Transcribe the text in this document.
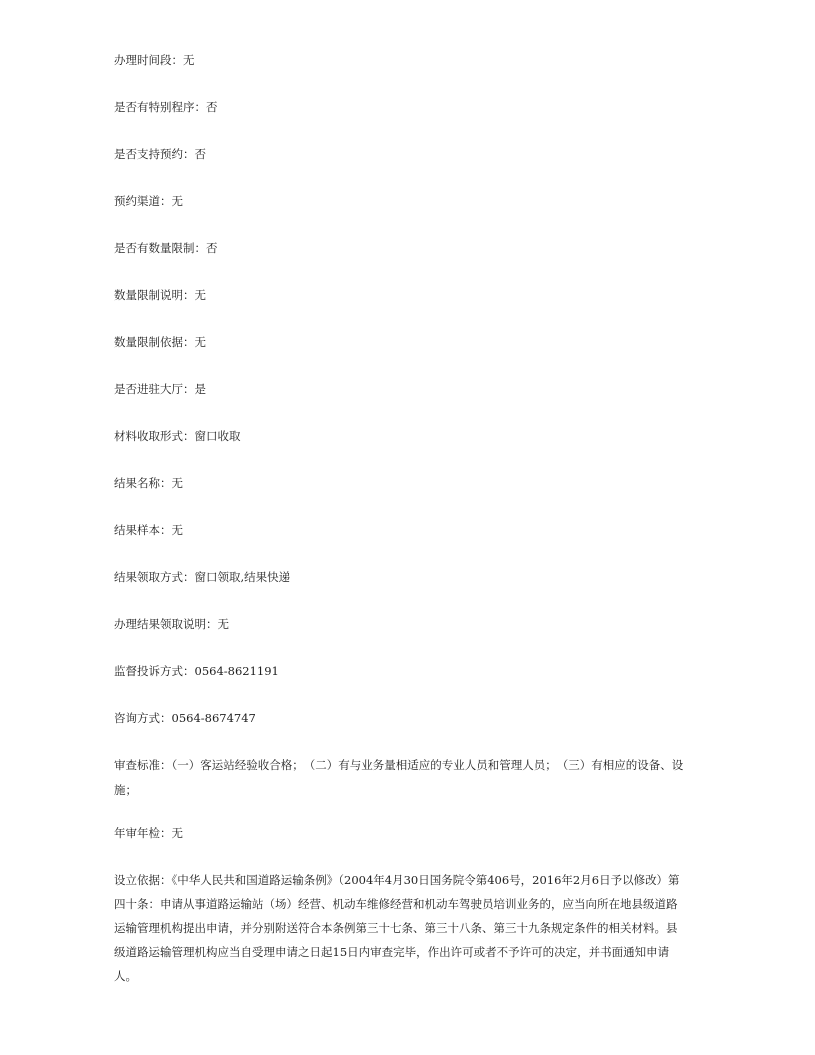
办理时间段：无
是否有特别程序：否
是否支持预约：否
预约渠道：无
是否有数量限制：否
数量限制说明：无
数量限制依据：无
是否进驻大厅：是
材料收取形式：窗口收取
结果名称：无
结果样本：无
结果领取方式：窗口领取,结果快递
办理结果领取说明：无
监督投诉方式：0564-8621191
咨询方式：0564-8674747
审查标准：（一）客运站经验收合格；　（二）有与业务量相适应的专业人员和管理人员；　（三）有相应的设备、设施；
年审年检：无
设立依据：《中华人民共和国道路运输条例》（2004年4月30日国务院令第406号，2016年2月6日予以修改）第四十条：申请从事道路运输站（场）经营、机动车维修经营和机动车驾驶员培训业务的，应当向所在地县级道路运输管理机构提出申请，并分别附送符合本条例第三十七条、第三十八条、第三十九条规定条件的相关材料。县级道路运输管理机构应当自受理申请之日起15日内审查完毕，作出许可或者不予许可的决定，并书面通知申请人。
